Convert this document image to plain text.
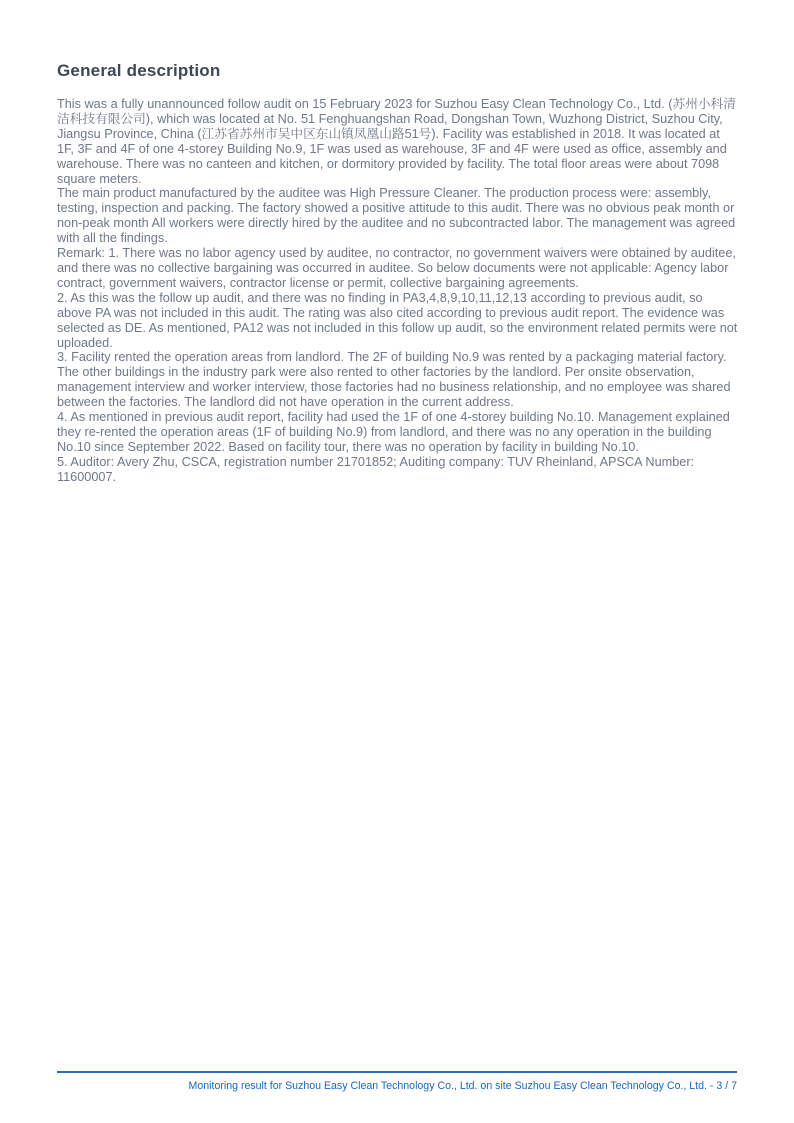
General description

This was a fully unannounced follow audit on 15 February 2023 for Suzhou Easy Clean Technology Co., Ltd. (苏州小科清洁科技有限公司), which was located at No. 51 Fenghuangshan Road, Dongshan Town, Wuzhong District, Suzhou City, Jiangsu Province, China (江苏省苏州市吴中区东山镇凤凰山路51号). Facility was established in 2018. It was located at 1F, 3F and 4F of one 4-storey Building No.9, 1F was used as warehouse, 3F and 4F were used as office, assembly and warehouse. There was no canteen and kitchen, or dormitory provided by facility. The total floor areas were about 7098 square meters.

The main product manufactured by the auditee was High Pressure Cleaner. The production process were: assembly, testing, inspection and packing. The factory showed a positive attitude to this audit. There was no obvious peak month or non-peak month All workers were directly hired by the auditee and no subcontracted labor. The management was agreed with all the findings.

Remark: 1. There was no labor agency used by auditee, no contractor, no government waivers were obtained by auditee, and there was no collective bargaining was occurred in auditee. So below documents were not applicable: Agency labor contract, government waivers, contractor license or permit, collective bargaining agreements.

2. As this was the follow up audit, and there was no finding in PA3,4,8,9,10,11,12,13 according to previous audit, so above PA was not included in this audit. The rating was also cited according to previous audit report. The evidence was selected as DE. As mentioned, PA12 was not included in this follow up audit, so the environment related permits were not uploaded.

3. Facility rented the operation areas from landlord. The 2F of building No.9 was rented by a packaging material factory. The other buildings in the industry park were also rented to other factories by the landlord. Per onsite observation, management interview and worker interview, those factories had no business relationship, and no employee was shared between the factories. The landlord did not have operation in the current address.

4. As mentioned in previous audit report, facility had used the 1F of one 4-storey building No.10. Management explained they re-rented the operation areas (1F of building No.9) from landlord, and there was no any operation in the building No.10 since September 2022. Based on facility tour, there was no operation by facility in building No.10.

5. Auditor: Avery Zhu, CSCA, registration number 21701852; Auditing company: TUV Rheinland, APSCA Number: 11600007.

Monitoring result for Suzhou Easy Clean Technology Co., Ltd. on site Suzhou Easy Clean Technology Co., Ltd. - 3 / 7
